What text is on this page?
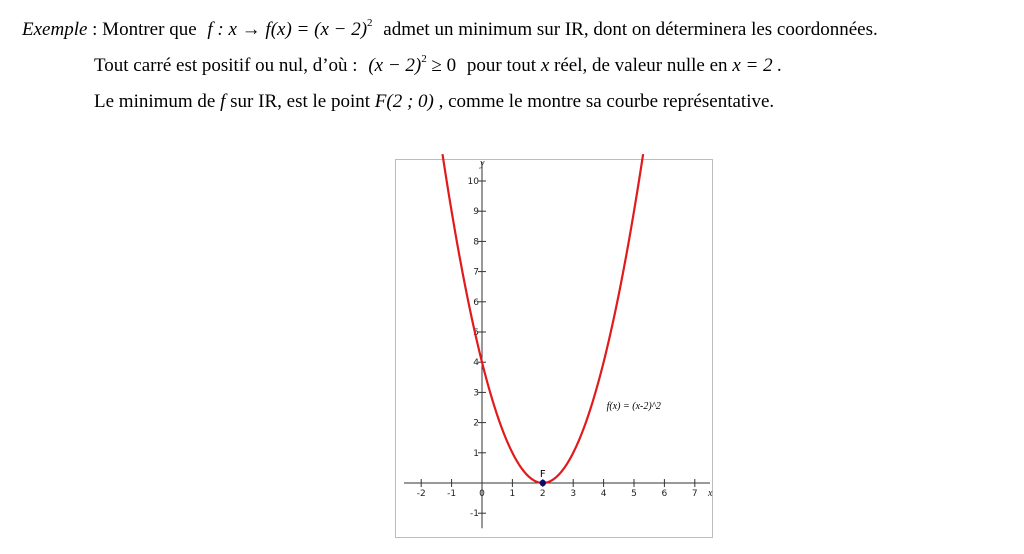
Exemple : Montrer que f : $x \to f(x) = (x - 2)^2$ admet un minimum sur IR, dont on déterminera les coordonnées.
Tout carré est positif ou nul, d’où : $(x - 2)^2 \ge 0$ pour tout x réel, de valeur nulle en x = 2 .
Le minimum de f sur IR, est le point F(2 ; 0) , comme le montre sa courbe représentative.
x
y
-2 -1	0	1	2	3	4	5	6	7
-1
1
2
3
4
5
6
7
8
9
10
f(x) = (x-2)^2
F
